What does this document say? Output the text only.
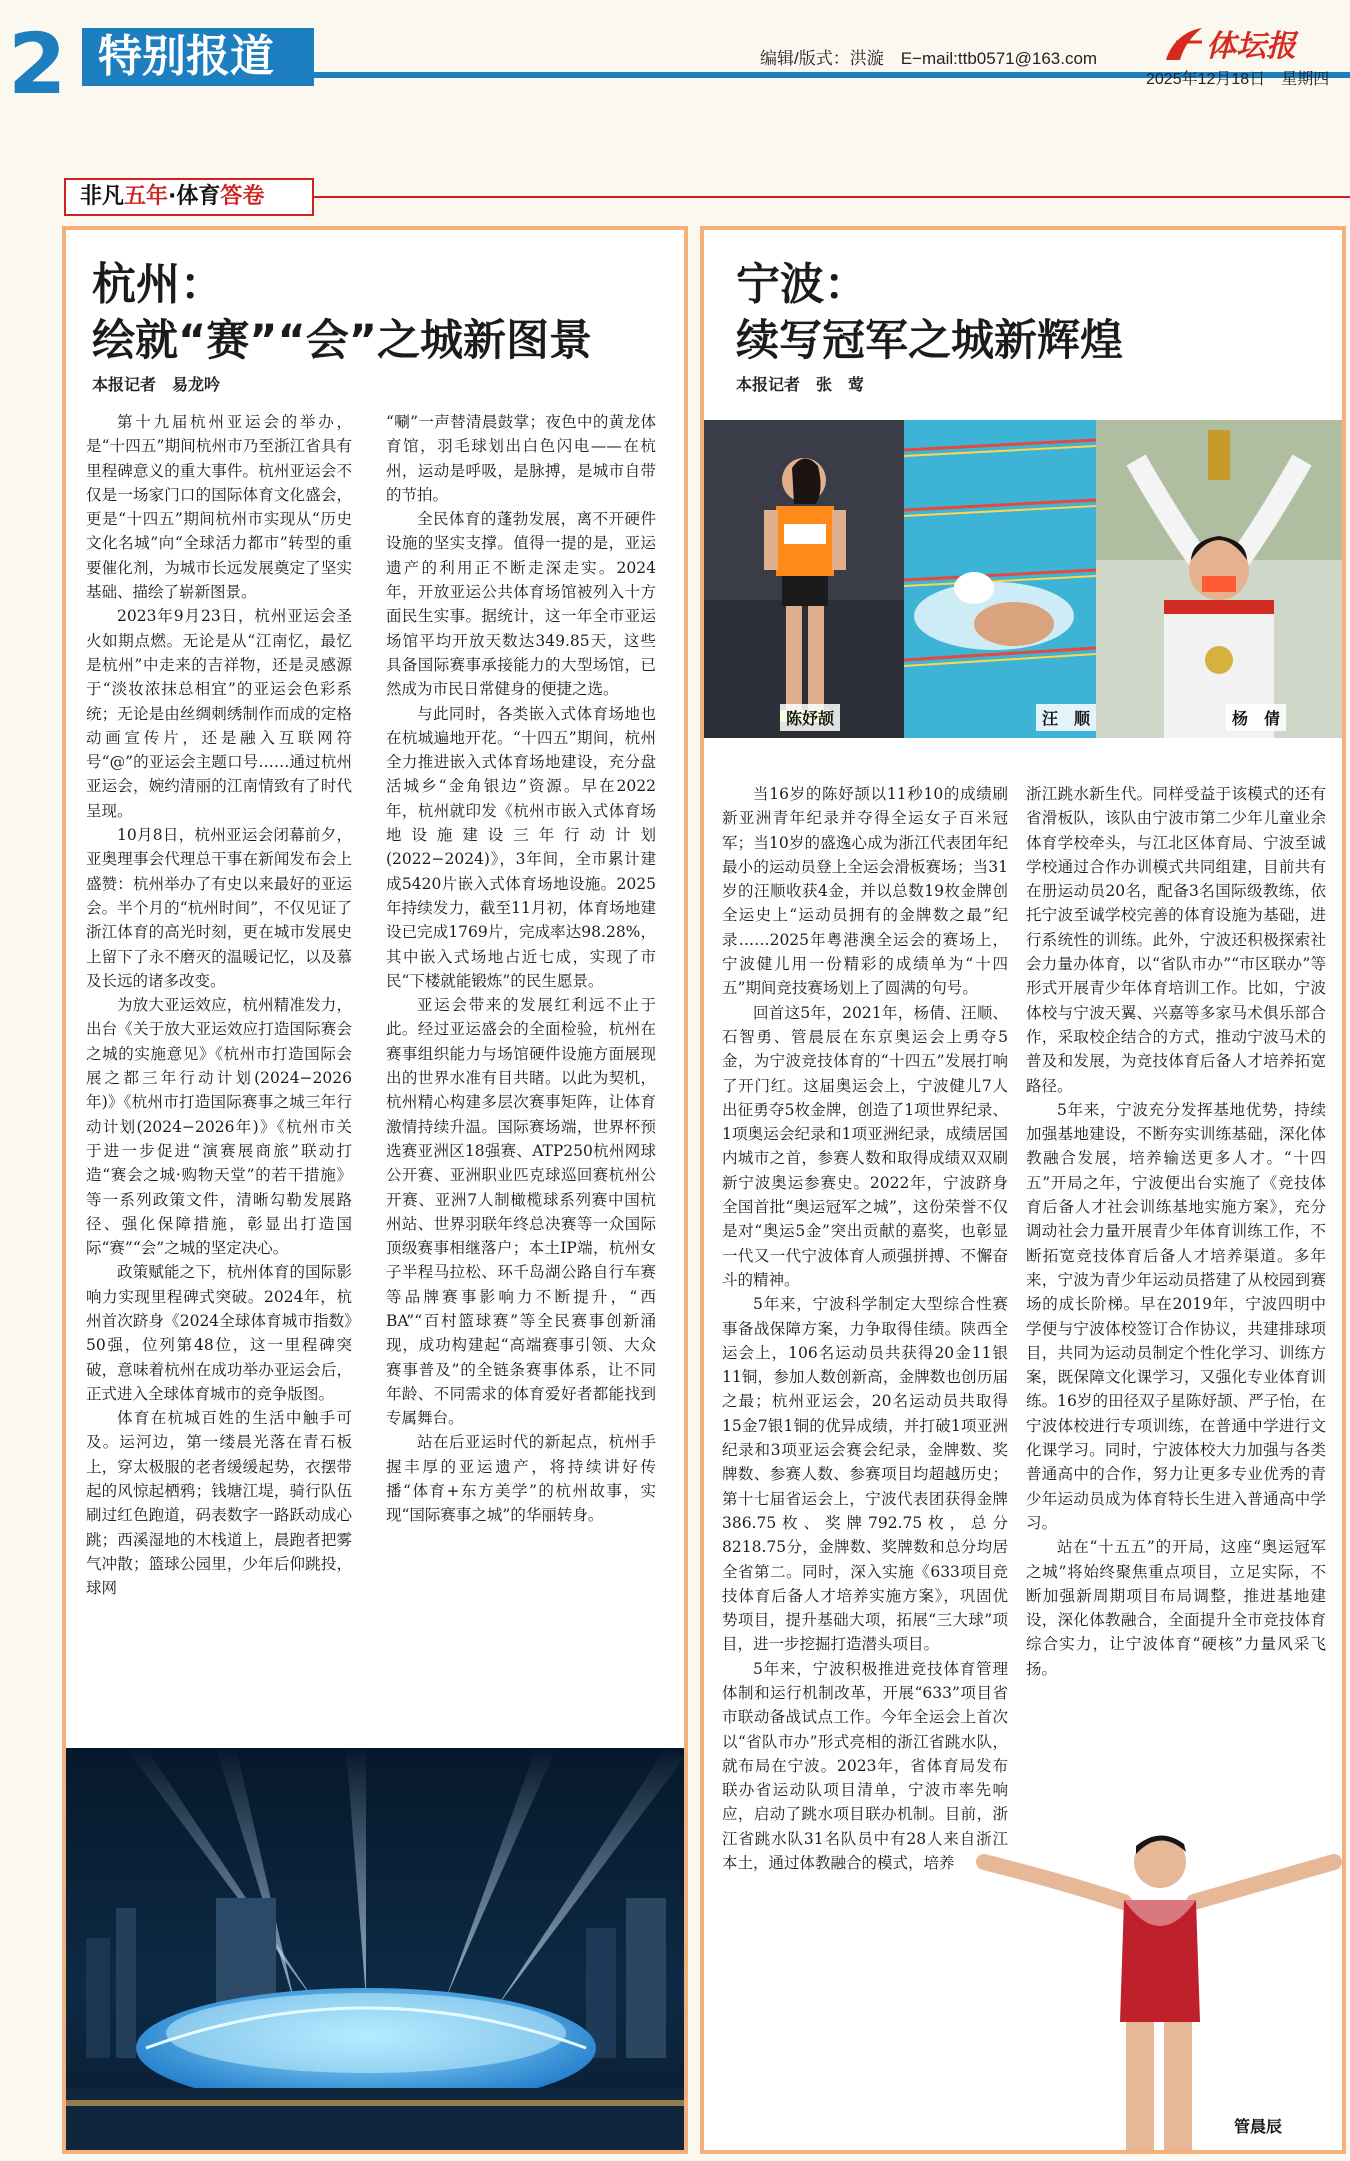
2 特别报道	编辑/版式：洪漩　E−mail:ttb0571@163.com	体坛报
2025年12月18日　星期四
非凡五年·体育答卷
杭州：
绘就“赛”“会”之城新图景
本报记者　易龙吟

第十九届杭州亚运会的举办，是“十四五”期间杭州市乃至浙江省具有里程碑意义的重大事件。杭州亚运会不仅是一场家门口的国际体育文化盛会，更是“十四五”期间杭州市实现从“历史文化名城”向“全球活力都市”转型的重要催化剂，为城市长远发展奠定了坚实基础、描绘了崭新图景。

2023年9月23日，杭州亚运会圣火如期点燃。无论是从“江南忆，最忆是杭州”中走来的吉祥物，还是灵感源于“淡妆浓抹总相宜”的亚运会色彩系统；无论是由丝绸刺绣制作而成的定格动画宣传片，还是融入互联网符号“@”的亚运会主题口号……通过杭州亚运会，婉约清丽的江南情致有了时代呈现。

10月8日，杭州亚运会闭幕前夕，亚奥理事会代理总干事在新闻发布会上盛赞：杭州举办了有史以来最好的亚运会。半个月的“杭州时间”，不仅见证了浙江体育的高光时刻，更在城市发展史上留下了永不磨灭的温暖记忆，以及慕及长远的诸多改变。

为放大亚运效应，杭州精准发力，出台《关于放大亚运效应打造国际赛会之城的实施意见》《杭州市打造国际会展之都三年行动计划(2024−2026年)》《杭州市打造国际赛事之城三年行动计划(2024−2026年)》《杭州市关于进一步促进“演赛展商旅”联动打造“赛会之城·购物天堂”的若干措施》等一系列政策文件，清晰勾勒发展路径、强化保障措施，彰显出打造国际“赛”“会”之城的坚定决心。

政策赋能之下，杭州体育的国际影响力实现里程碑式突破。2024年，杭州首次跻身《2024全球体育城市指数》50强，位列第48位，这一里程碑突破，意味着杭州在成功举办亚运会后，正式进入全球体育城市的竞争版图。

体育在杭城百姓的生活中触手可及。运河边，第一缕晨光落在青石板上，穿太极服的老者缓缓起势，衣摆带起的风惊起栖鸦；钱塘江堤，骑行队伍刷过红色跑道，码表数字一路跃动成心跳；西溪湿地的木栈道上，晨跑者把雾气冲散；篮球公园里，少年后仰跳投，球网

“唰”一声替清晨鼓掌；夜色中的黄龙体育馆，羽毛球划出白色闪电——在杭州，运动是呼吸，是脉搏，是城市自带的节拍。

全民体育的蓬勃发展，离不开硬件设施的坚实支撑。值得一提的是，亚运遗产的利用正不断走深走实。2024年，开放亚运公共体育场馆被列入十方面民生实事。据统计，这一年全市亚运场馆平均开放天数达349.85天，这些具备国际赛事承接能力的大型场馆，已然成为市民日常健身的便捷之选。

与此同时，各类嵌入式体育场地也在杭城遍地开花。“十四五”期间，杭州全力推进嵌入式体育场地建设，充分盘活城乡“金角银边”资源。早在2022年，杭州就印发《杭州市嵌入式体育场地设施建设三年行动计划(2022−2024)》，3年间，全市累计建成5420片嵌入式体育场地设施。2025年持续发力，截至11月初，体育场地建设已完成1769片，完成率达98.28%，其中嵌入式场地占近七成，实现了市民“下楼就能锻炼”的民生愿景。

亚运会带来的发展红利远不止于此。经过亚运盛会的全面检验，杭州在赛事组织能力与场馆硬件设施方面展现出的世界水准有目共睹。以此为契机，杭州精心构建多层次赛事矩阵，让体育激情持续升温。国际赛场端，世界杯预选赛亚洲区18强赛、ATP250杭州网球公开赛、亚洲职业匹克球巡回赛杭州公开赛、亚洲7人制橄榄球系列赛中国杭州站、世界羽联年终总决赛等一众国际顶级赛事相继落户；本土IP端，杭州女子半程马拉松、环千岛湖公路自行车赛等品牌赛事影响力不断提升，“西BA”“百村篮球赛”等全民赛事创新涌现，成功构建起“高端赛事引领、大众赛事普及”的全链条赛事体系，让不同年龄、不同需求的体育爱好者都能找到专属舞台。

站在后亚运时代的新起点，杭州手握丰厚的亚运遗产，将持续讲好传播“体育+东方美学”的杭州故事，实现“国际赛事之城”的华丽转身。

宁波：
续写冠军之城新辉煌
本报记者　张　莺
陈妤颉	汪　顺	杨　倩

当16岁的陈妤颉以11秒10的成绩刷新亚洲青年纪录并夺得全运女子百米冠军；当10岁的盛逸心成为浙江代表团年纪最小的运动员登上全运会滑板赛场；当31岁的汪顺收获4金，并以总数19枚金牌创全运史上“运动员拥有的金牌数之最”纪录……2025年粤港澳全运会的赛场上，宁波健儿用一份精彩的成绩单为“十四五”期间竞技赛场划上了圆满的句号。

回首这5年，2021年，杨倩、汪顺、石智勇、管晨辰在东京奥运会上勇夺5金，为宁波竞技体育的“十四五”发展打响了开门红。这届奥运会上，宁波健儿7人出征勇夺5枚金牌，创造了1项世界纪录、1项奥运会纪录和1项亚洲纪录，成绩居国内城市之首，参赛人数和取得成绩双双刷新宁波奥运参赛史。2022年，宁波跻身全国首批“奥运冠军之城”，这份荣誉不仅是对“奥运5金”突出贡献的嘉奖，也彰显一代又一代宁波体育人顽强拼搏、不懈奋斗的精神。

5年来，宁波科学制定大型综合性赛事备战保障方案，力争取得佳绩。陕西全运会上，106名运动员共获得20金11银11铜，参加人数创新高，金牌数也创历届之最；杭州亚运会，20名运动员共取得15金7银1铜的优异成绩，并打破1项亚洲纪录和3项亚运会赛会纪录，金牌数、奖牌数、参赛人数、参赛项目均超越历史；第十七届省运会上，宁波代表团获得金牌386.75枚、奖牌792.75枚，总分8218.75分，金牌数、奖牌数和总分均居全省第二。同时，深入实施《633项目竞技体育后备人才培养实施方案》，巩固优势项目，提升基础大项，拓展“三大球”项目，进一步挖掘打造潜头项目。

5年来，宁波积极推进竞技体育管理体制和运行机制改革，开展“633”项目省市联动备战试点工作。今年全运会上首次以“省队市办”形式亮相的浙江省跳水队，就布局在宁波。2023年，省体育局发布联办省运动队项目清单，宁波市率先响应，启动了跳水项目联办机制。目前，浙江省跳水队31名队员中有28人来自浙江本土，通过体教融合的模式，培养

浙江跳水新生代。同样受益于该模式的还有省滑板队，该队由宁波市第二少年儿童业余体育学校牵头，与江北区体育局、宁波至诚学校通过合作办训模式共同组建，目前共有在册运动员20名，配备3名国际级教练，依托宁波至诚学校完善的体育设施为基础，进行系统性的训练。此外，宁波还积极探索社会力量办体育，以“省队市办”“市区联办”等形式开展青少年体育培训工作。比如，宁波体校与宁波天翼、兴嘉等多家马术俱乐部合作，采取校企结合的方式，推动宁波马术的普及和发展，为竞技体育后备人才培养拓宽路径。

5年来，宁波充分发挥基地优势，持续加强基地建设，不断夯实训练基础，深化体教融合发展，培养输送更多人才。“十四五”开局之年，宁波便出台实施了《竞技体育后备人才社会训练基地实施方案》，充分调动社会力量开展青少年体育训练工作，不断拓宽竞技体育后备人才培养渠道。多年来，宁波为青少年运动员搭建了从校园到赛场的成长阶梯。早在2019年，宁波四明中学便与宁波体校签订合作协议，共建排球项目，共同为运动员制定个性化学习、训练方案，既保障文化课学习，又强化专业体育训练。16岁的田径双子星陈妤颉、严子怡，在宁波体校进行专项训练，在普通中学进行文化课学习。同时，宁波体校大力加强与各类普通高中的合作，努力让更多专业优秀的青少年运动员成为体育特长生进入普通高中学习。

站在“十五五”的开局，这座“奥运冠军之城”将始终聚焦重点项目，立足实际，不断加强新周期项目布局调整，推进基地建设，深化体教融合，全面提升全市竞技体育综合实力，让宁波体育“硬核”力量风采飞扬。

管晨辰
